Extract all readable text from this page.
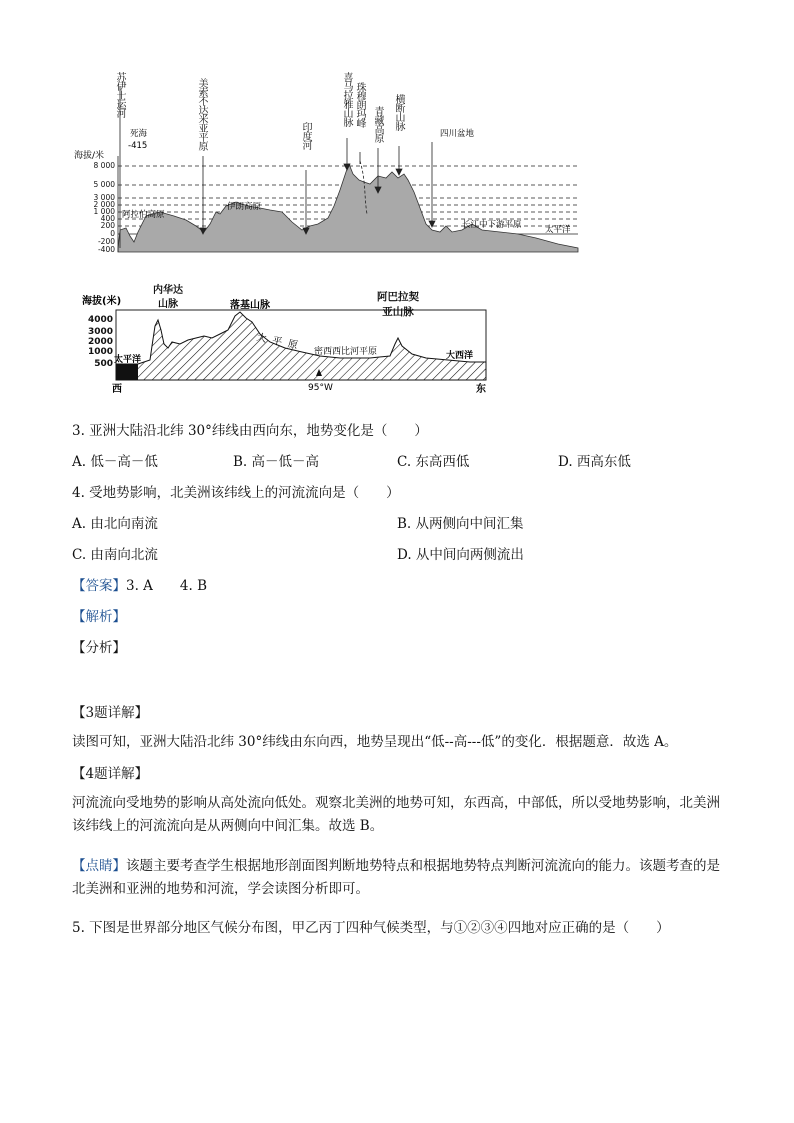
8 000
5 000
3 000
2 000
1 000
400
200
0
-200
-400
海拔/米
死海
-415
阿拉伯高原
伊朗高原
四川盆地
长江中下游平原	太平洋
苏伊士运河	美索不达米亚平原	印度河
喜马拉雅山脉 珠穆朗玛峰 青藏高原 横断山脉
4000
3000
2000
1000
500
海拔(米)	落基山脉
太平洋
大平原 密西西比河平原	大西洋
95°W
西	东
内华达山脉
阿巴拉契亚山脉
3. 亚洲大陆沿北纬 30°纬线由西向东，地势变化是（　　）
A. 低－高－低	B. 高－低－高	C. 东高西低	D. 西高东低
4. 受地势影响，北美洲该纬线上的河流流向是（　　）
A. 由北向南流	B. 从两侧向中间汇集
C. 由南向北流	D. 从中间向两侧流出
【答案】3. A　　4. B
【解析】
【分析】
【3题详解】
读图可知，亚洲大陆沿北纬 30°纬线由东向西，地势呈现出“低--高---低”的变化．根据题意．故选 A。
【4题详解】
河流流向受地势的影响从高处流向低处。观察北美洲的地势可知，东西高，中部低，所以受地势影响，北美洲该纬线上的河流流向是从两侧向中间汇集。故选 B。
【点睛】该题主要考查学生根据地形剖面图判断地势特点和根据地势特点判断河流流向的能力。该题考查的是北美洲和亚洲的地势和河流，学会读图分析即可。
5. 下图是世界部分地区气候分布图，甲乙丙丁四种气候类型，与①②③④四地对应正确的是（　　）
